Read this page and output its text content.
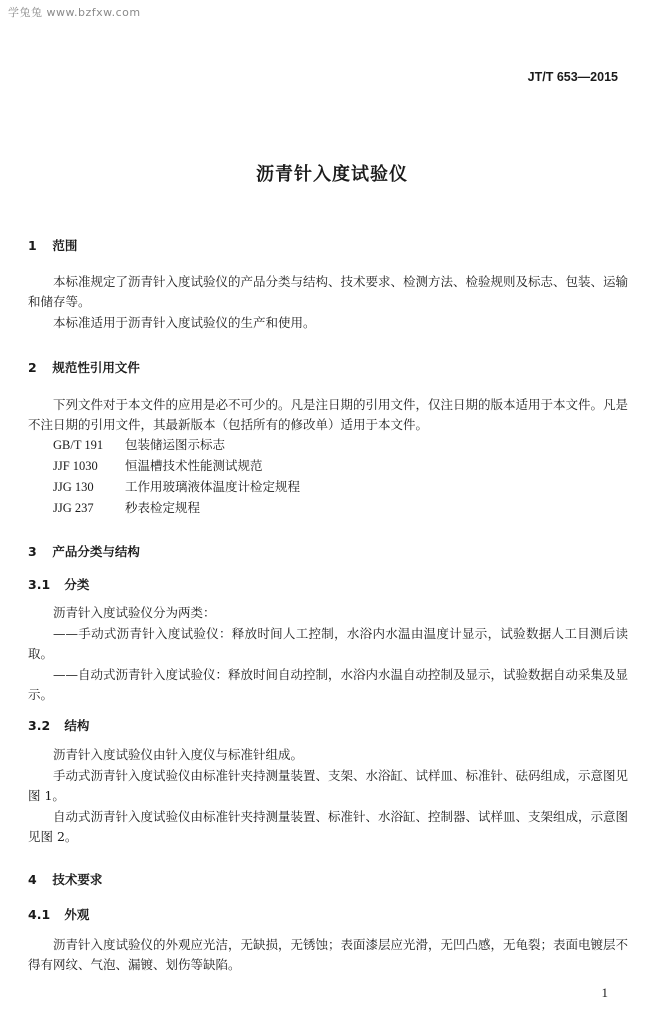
学兔兔 www.bzfxw.com
JT/T 653—2015
沥青针入度试验仪
1 范围
本标准规定了沥青针入度试验仪的产品分类与结构、技术要求、检测方法、检验规则及标志、包装、运输和储存等。
本标准适用于沥青针入度试验仪的生产和使用。
2 规范性引用文件
下列文件对于本文件的应用是必不可少的。凡是注日期的引用文件，仅注日期的版本适用于本文件。凡是不注日期的引用文件，其最新版本（包括所有的修改单）适用于本文件。
GB/T 191 包装储运图示标志
JJF 1030 恒温槽技术性能测试规范
JJG 130	工作用玻璃液体温度计检定规程
JJG 237	秒表检定规程
3 产品分类与结构
3.1 分类
沥青针入度试验仪分为两类：
——手动式沥青针入度试验仪：释放时间人工控制，水浴内水温由温度计显示，试验数据人工目测后读取。
——自动式沥青针入度试验仪：释放时间自动控制，水浴内水温自动控制及显示，试验数据自动采集及显示。
3.2 结构
沥青针入度试验仪由针入度仪与标准针组成。
手动式沥青针入度试验仪由标准针夹持测量装置、支架、水浴缸、试样皿、标准针、砝码组成，示意图见图 1。
自动式沥青针入度试验仪由标准针夹持测量装置、标准针、水浴缸、控制器、试样皿、支架组成，示意图见图 2。
4 技术要求
4.1 外观
沥青针入度试验仪的外观应光洁，无缺损，无锈蚀；表面漆层应光滑，无凹凸感，无龟裂；表面电镀层不得有网纹、气泡、漏镀、划伤等缺陷。
1
